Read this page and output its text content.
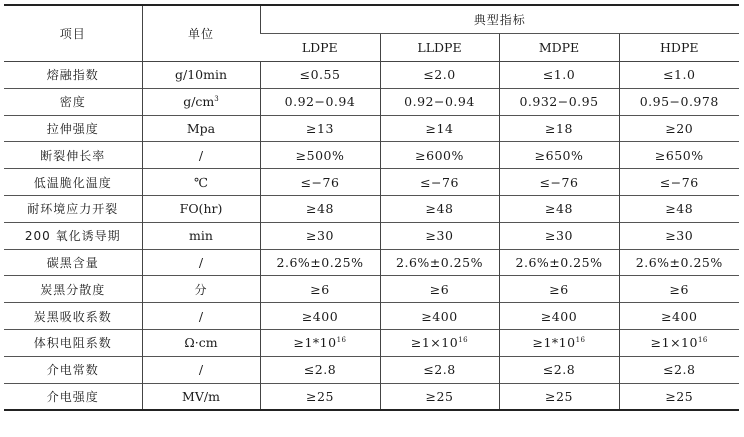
项目	单位	典型指标			
		LDPE	LLDPE	MDPE	HDPE
熔融指数	g/10min	≤0.55	≤2.0	≤1.0	≤1.0
密度	$g/cm^3$	0.92−0.94	0.92−0.94	0.932−0.95	0.95−0.978
拉伸强度	Mpa	≥13	≥14	≥18	≥20
断裂伸长率	/	≥500%	≥600%	≥650%	≥650%
低温脆化温度	℃	≤−76	≤−76	≤−76	≤−76
耐环境应力开裂	FO(hr)	≥48	≥48	≥48	≥48
200 氧化诱导期	min	≥30	≥30	≥30	≥30
碳黑含量	/	2.6%±0.25%	2.6%±0.25%	2.6%±0.25%	2.6%±0.25%
炭黑分散度	分	≥6	≥6	≥6	≥6
炭黑吸收系数	/	≥400	≥400	≥400	≥400
体积电阻系数	Ω·cm	$\ge 1*10^{16}$	$\ge 1\times 10^{16}$	$\ge 1*10^{16}$	$\ge 1\times 10^{16}$
介电常数	/	≤2.8	≤2.8	≤2.8	≤2.8
介电强度	MV/m	≥25	≥25	≥25	≥25
